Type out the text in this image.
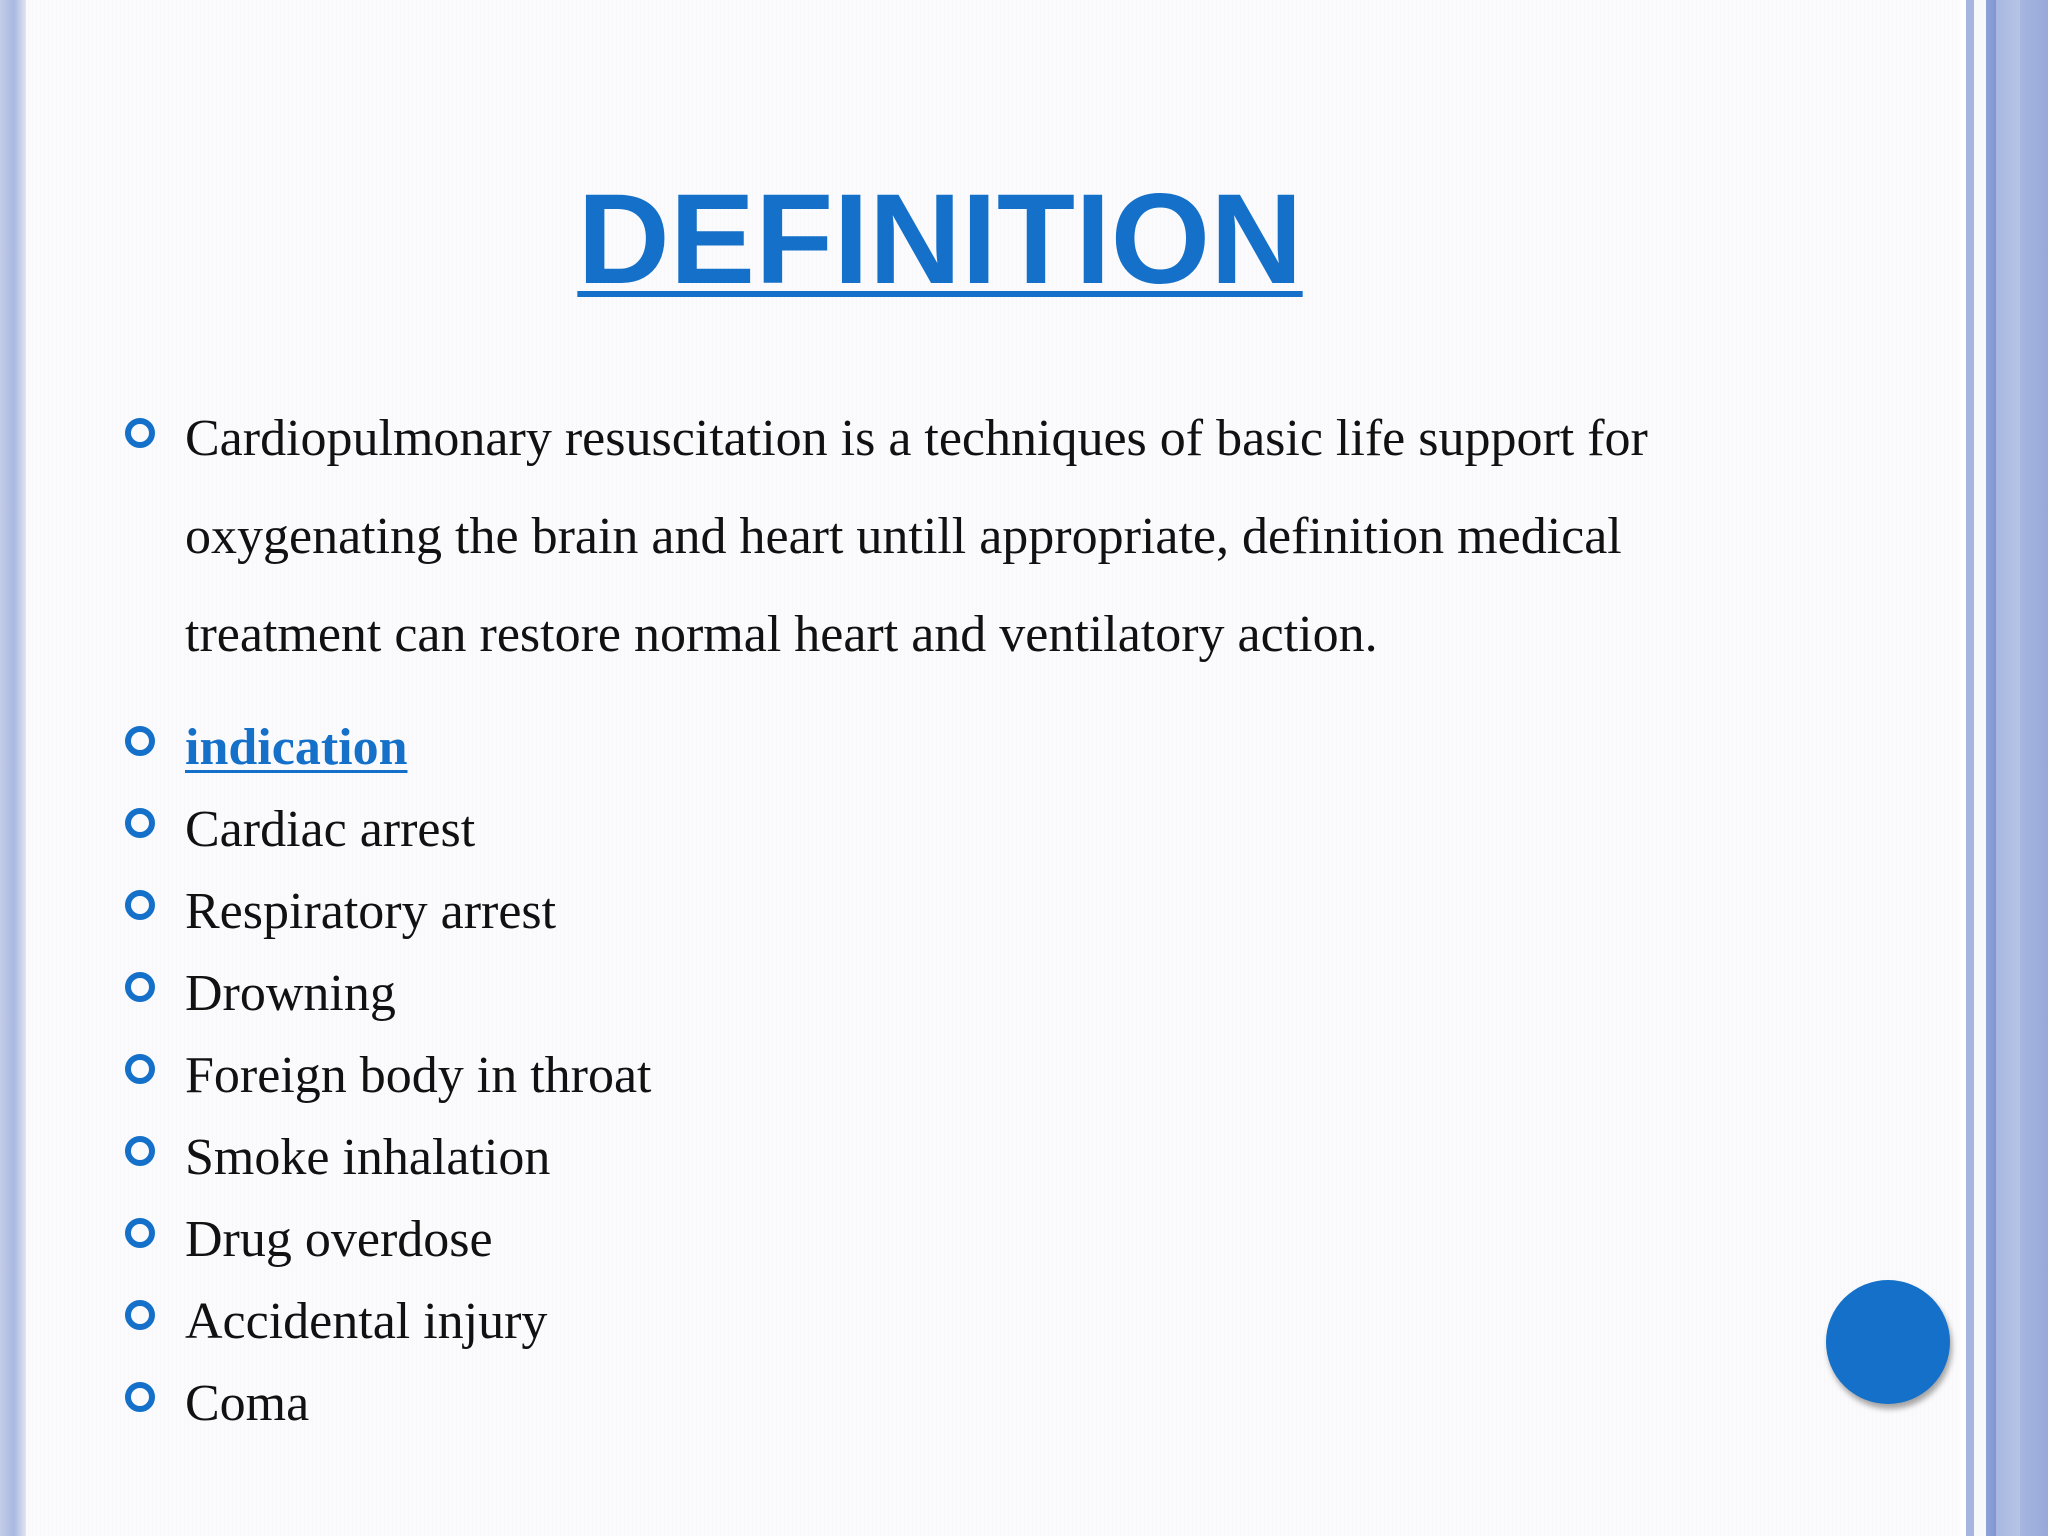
DEFINITION
Cardiopulmonary resuscitation is a techniques of basic life support for oxygenating the brain and heart untill appropriate, definition medical treatment can restore normal heart and ventilatory action.
indication
Cardiac arrest
Respiratory arrest
Drowning
Foreign body in throat
Smoke inhalation
Drug overdose
Accidental injury
Coma
